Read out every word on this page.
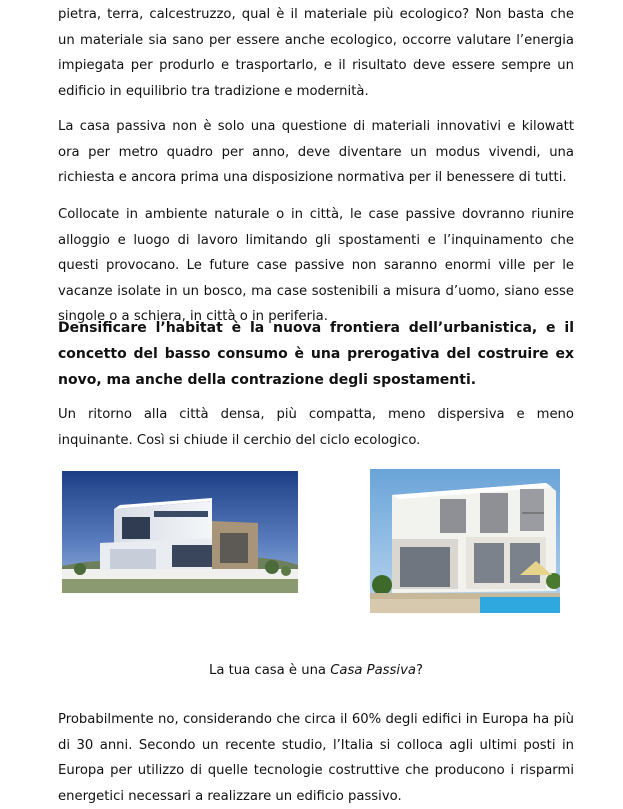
pietra, terra, calcestruzzo, qual è il materiale più ecologico? Non basta che un materiale sia sano per essere anche ecologico, occorre valutare l’energia impiegata per produrlo e trasportarlo, e il risultato deve essere sempre un edificio in equilibrio tra tradizione e modernità.

La casa passiva non è solo una questione di materiali innovativi e kilowatt ora per metro quadro per anno, deve diventare un modus vivendi, una richiesta e ancora prima una disposizione normativa per il benessere di tutti.

Collocate in ambiente naturale o in città, le case passive dovranno riunire alloggio e luogo di lavoro limitando gli spostamenti e l’inquinamento che questi provocano. Le future case passive non saranno enormi ville per le vacanze isolate in un bosco, ma case sostenibili a misura d’uomo, siano esse singole o a schiera, in città o in periferia.

Densificare l’habitat è la nuova frontiera dell’urbanistica, e il concetto del basso consumo è una prerogativa del costruire ex novo, ma anche della contrazione degli spostamenti.

Un ritorno alla città densa, più compatta, meno dispersiva e meno inquinante. Così si chiude il cerchio del ciclo ecologico.

La tua casa è una Casa Passiva?

Probabilmente no, considerando che circa il 60% degli edifici in Europa ha più di 30 anni. Secondo un recente studio, l’Italia si colloca agli ultimi posti in Europa per utilizzo di quelle tecnologie costruttive che producono i risparmi energetici necessari a realizzare un edificio passivo.
